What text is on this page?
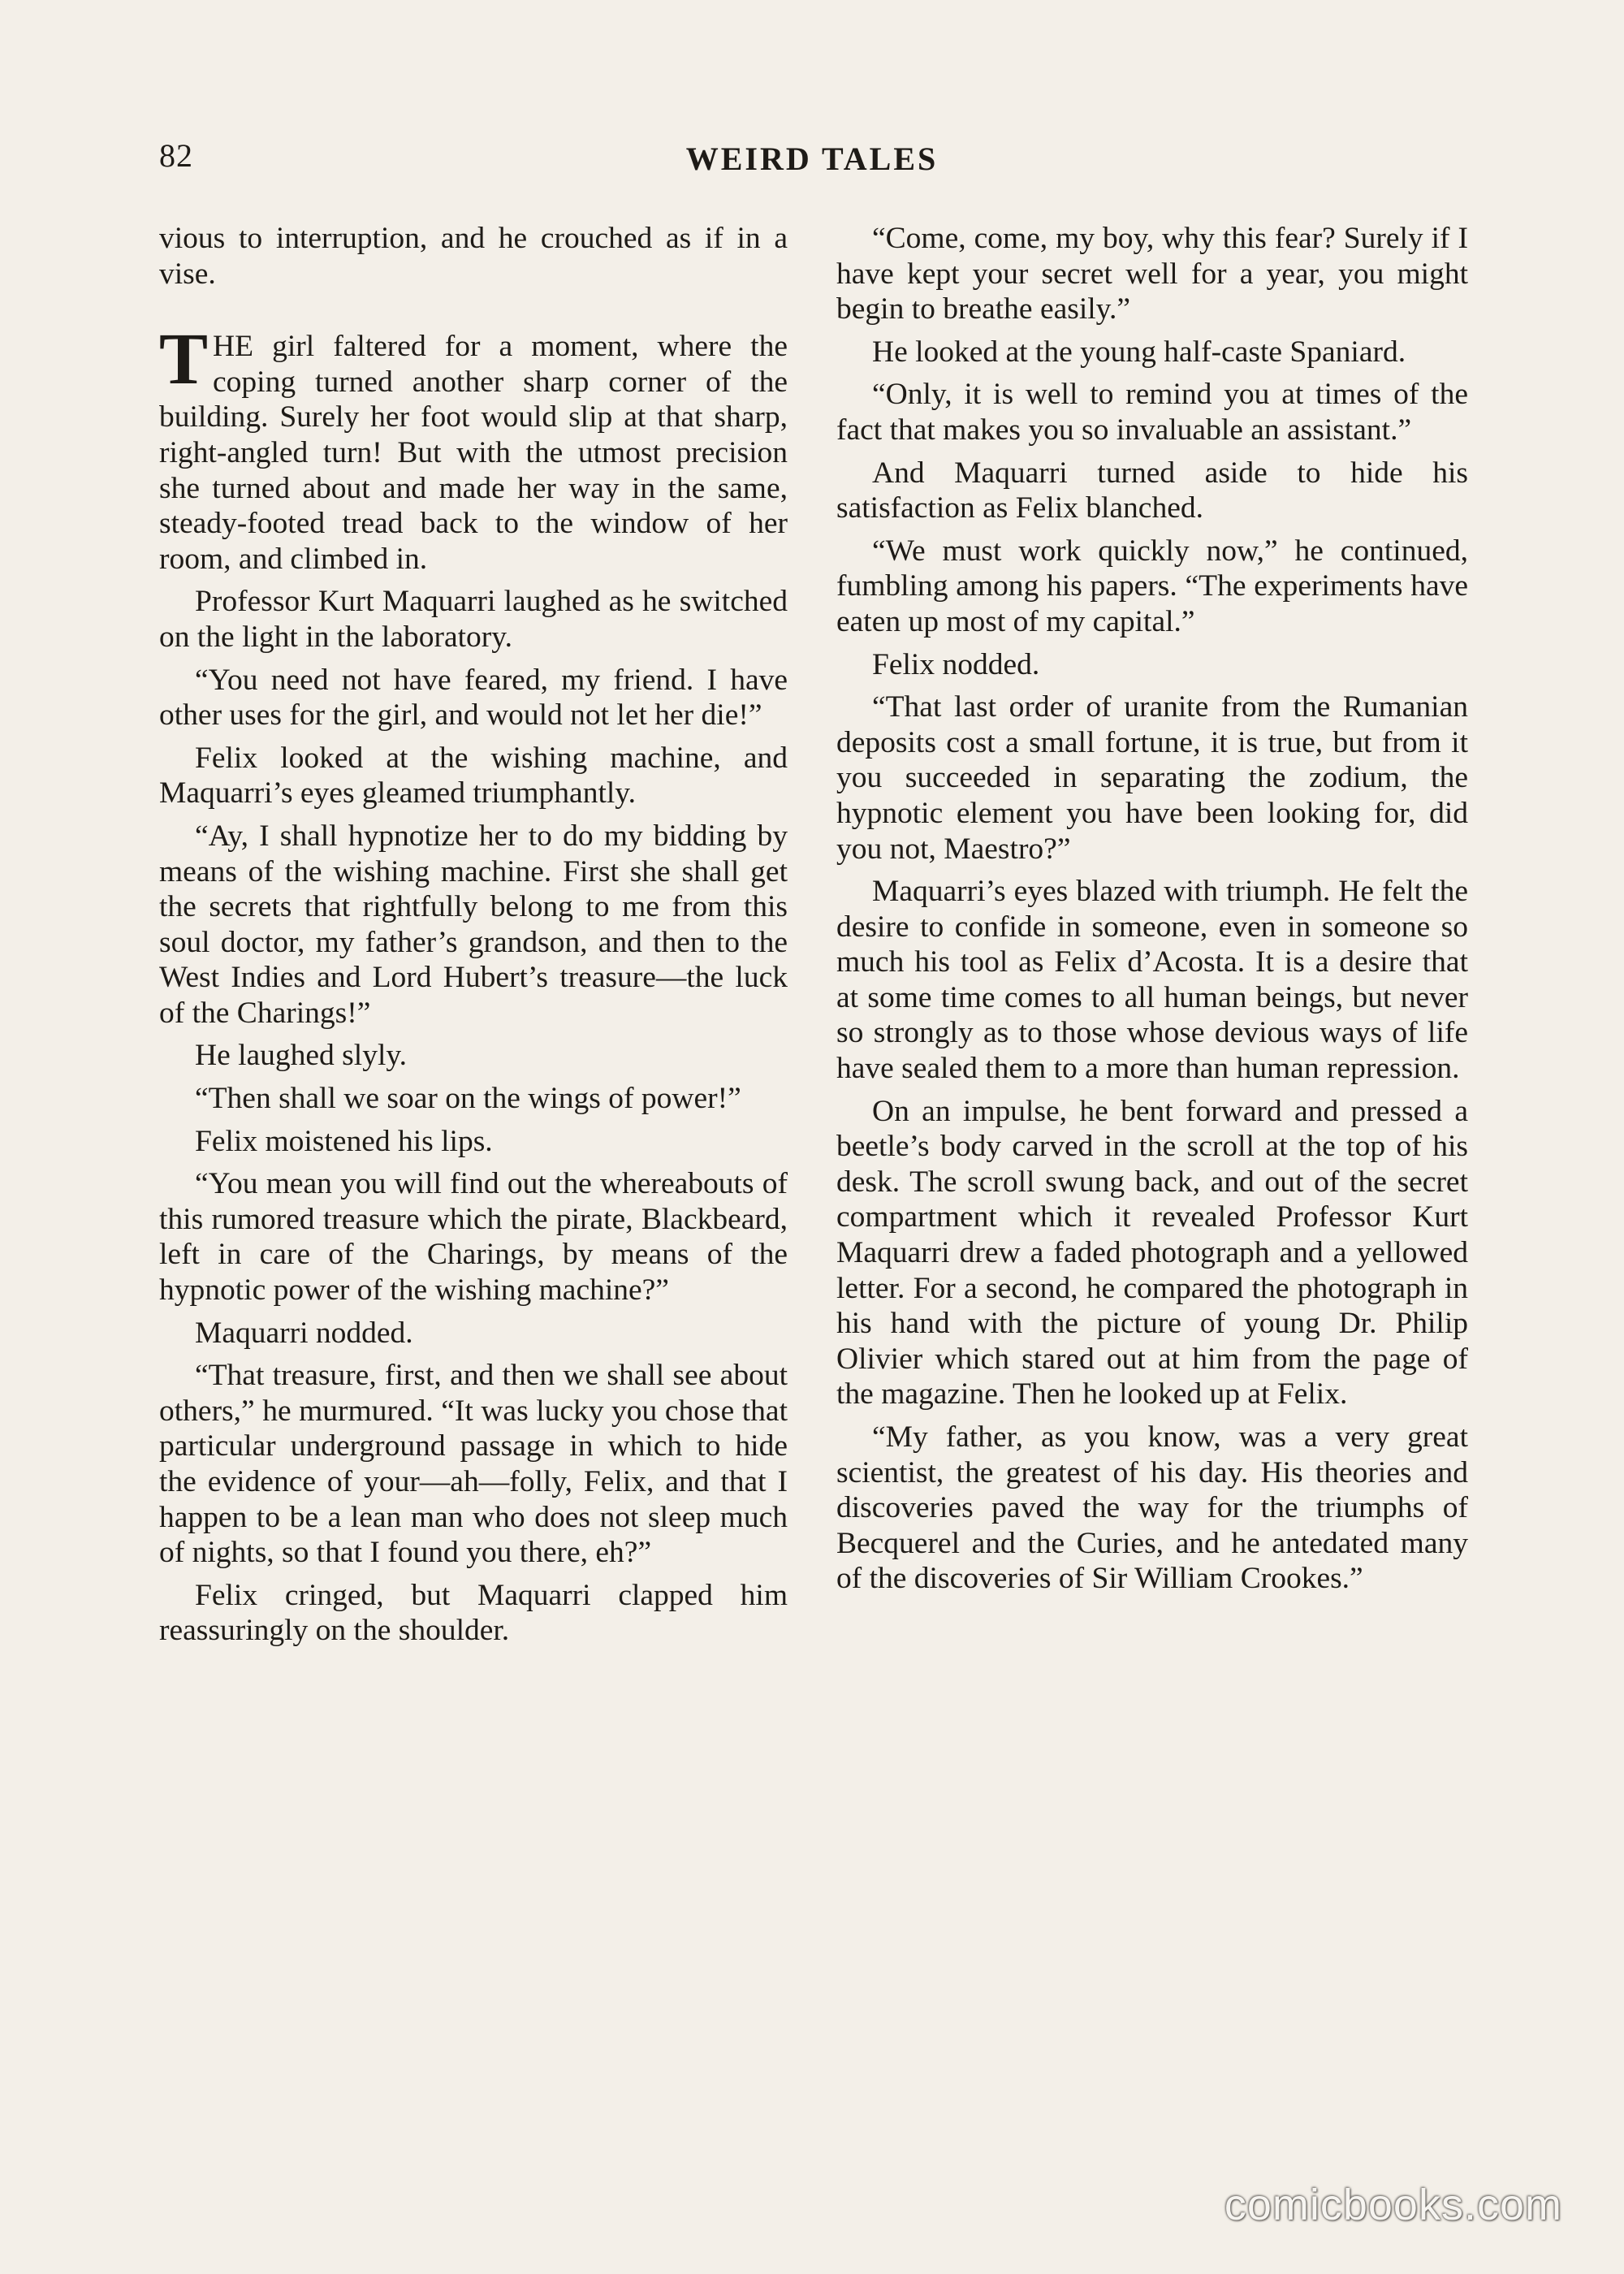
82	WEIRD TALES

vious to interruption, and he crouched as if in a vise.

THE girl faltered for a moment, where the coping turned another sharp corner of the building. Surely her foot would slip at that sharp, right-angled turn! But with the utmost precision she turned about and made her way in the same, steady-footed tread back to the window of her room, and climbed in.

Professor Kurt Maquarri laughed as he switched on the light in the laboratory.

“You need not have feared, my friend. I have other uses for the girl, and would not let her die!”

Felix looked at the wishing machine, and Maquarri’s eyes gleamed triumphantly.

“Ay, I shall hypnotize her to do my bidding by means of the wishing machine. First she shall get the secrets that rightfully belong to me from this soul doctor, my father’s grandson, and then to the West Indies and Lord Hubert’s treasure—the luck of the Charings!”

He laughed slyly.

“Then shall we soar on the wings of power!”

Felix moistened his lips.

“You mean you will find out the whereabouts of this rumored treasure which the pirate, Blackbeard, left in care of the Charings, by means of the hypnotic power of the wishing machine?”

Maquarri nodded.

“That treasure, first, and then we shall see about others,” he murmured. “It was lucky you chose that particular underground passage in which to hide the evidence of your—ah—folly, Felix, and that I happen to be a lean man who does not sleep much of nights, so that I found you there, eh?”

Felix cringed, but Maquarri clapped him reassuringly on the shoulder.

“Come, come, my boy, why this fear? Surely if I have kept your secret well for a year, you might begin to breathe easily.”

He looked at the young half-caste Spaniard.

“Only, it is well to remind you at times of the fact that makes you so invaluable an assistant.”

And Maquarri turned aside to hide his satisfaction as Felix blanched.

“We must work quickly now,” he continued, fumbling among his papers. “The experiments have eaten up most of my capital.”

Felix nodded.

“That last order of uranite from the Rumanian deposits cost a small fortune, it is true, but from it you succeeded in separating the zodium, the hypnotic element you have been looking for, did you not, Maestro?”

Maquarri’s eyes blazed with triumph. He felt the desire to confide in someone, even in someone so much his tool as Felix d’Acosta. It is a desire that at some time comes to all human beings, but never so strongly as to those whose devious ways of life have sealed them to a more than human repression.

On an impulse, he bent forward and pressed a beetle’s body carved in the scroll at the top of his desk. The scroll swung back, and out of the secret compartment which it revealed Professor Kurt Maquarri drew a faded photograph and a yellowed letter. For a second, he compared the photograph in his hand with the picture of young Dr. Philip Olivier which stared out at him from the page of the magazine. Then he looked up at Felix.

“My father, as you know, was a very great scientist, the greatest of his day. His theories and discoveries paved the way for the triumphs of Becquerel and the Curies, and he antedated many of the discoveries of Sir William Crookes.”

comicbooks.com
